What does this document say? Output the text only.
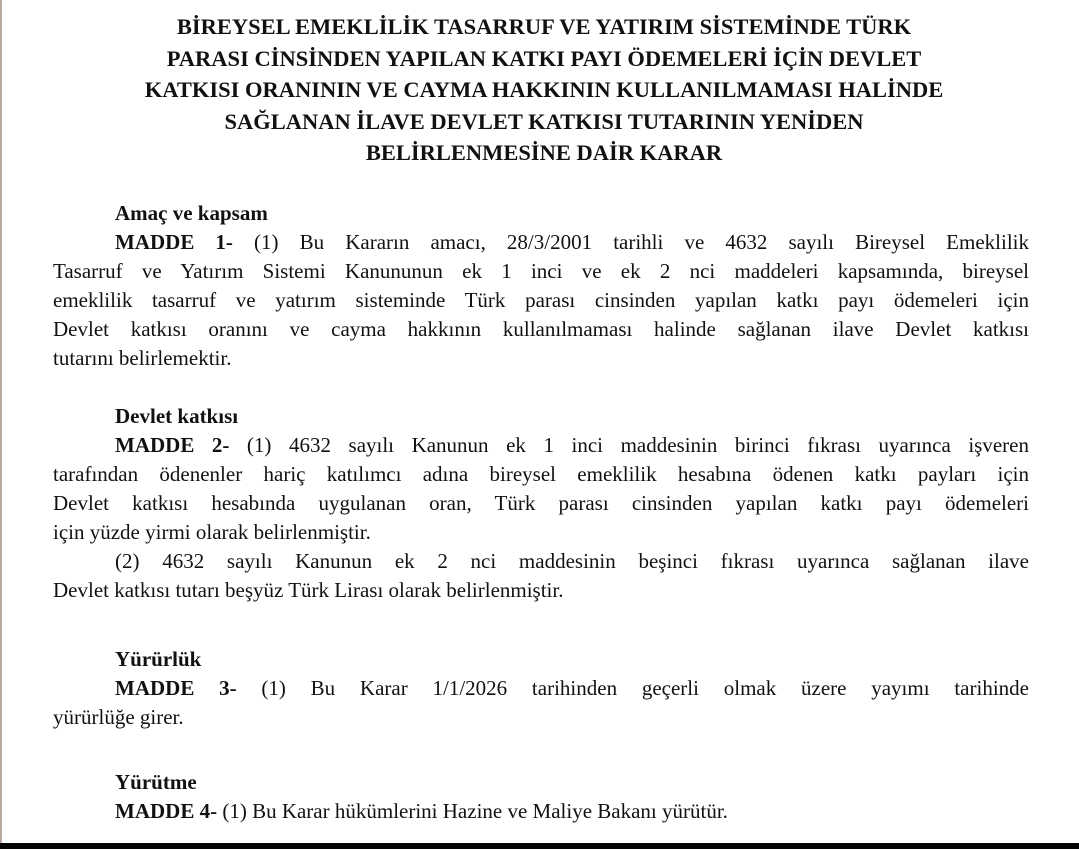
BİREYSEL EMEKLİLİK TASARRUF VE YATIRIM SİSTEMİNDE TÜRK
PARASI CİNSİNDEN YAPILAN KATKI PAYI ÖDEMELERİ İÇİN DEVLET
KATKISI ORANININ VE CAYMA HAKKININ KULLANILMAMASI HALİNDE
SAĞLANAN İLAVE DEVLET KATKISI TUTARININ YENİDEN
BELİRLENMESİNE DAİR KARAR
Amaç ve kapsam
MADDE 1- (1) Bu Kararın amacı, 28/3/2001 tarihli ve 4632 sayılı Bireysel Emeklilik
Tasarruf ve Yatırım Sistemi Kanununun ek 1 inci ve ek 2 nci maddeleri kapsamında, bireysel
emeklilik tasarruf ve yatırım sisteminde Türk parası cinsinden yapılan katkı payı ödemeleri için
Devlet katkısı oranını ve cayma hakkının kullanılmaması halinde sağlanan ilave Devlet katkısı
tutarını belirlemektir.
Devlet katkısı
MADDE 2- (1) 4632 sayılı Kanunun ek 1 inci maddesinin birinci fıkrası uyarınca işveren
tarafından ödenenler hariç katılımcı adına bireysel emeklilik hesabına ödenen katkı payları için
Devlet katkısı hesabında uygulanan oran, Türk parası cinsinden yapılan katkı payı ödemeleri
için yüzde yirmi olarak belirlenmiştir.
(2) 4632 sayılı Kanunun ek 2 nci maddesinin beşinci fıkrası uyarınca sağlanan ilave
Devlet katkısı tutarı beşyüz Türk Lirası olarak belirlenmiştir.
Yürürlük
MADDE 3- (1) Bu Karar 1/1/2026 tarihinden geçerli olmak üzere yayımı tarihinde
yürürlüğe girer.
Yürütme
MADDE 4- (1) Bu Karar hükümlerini Hazine ve Maliye Bakanı yürütür.
